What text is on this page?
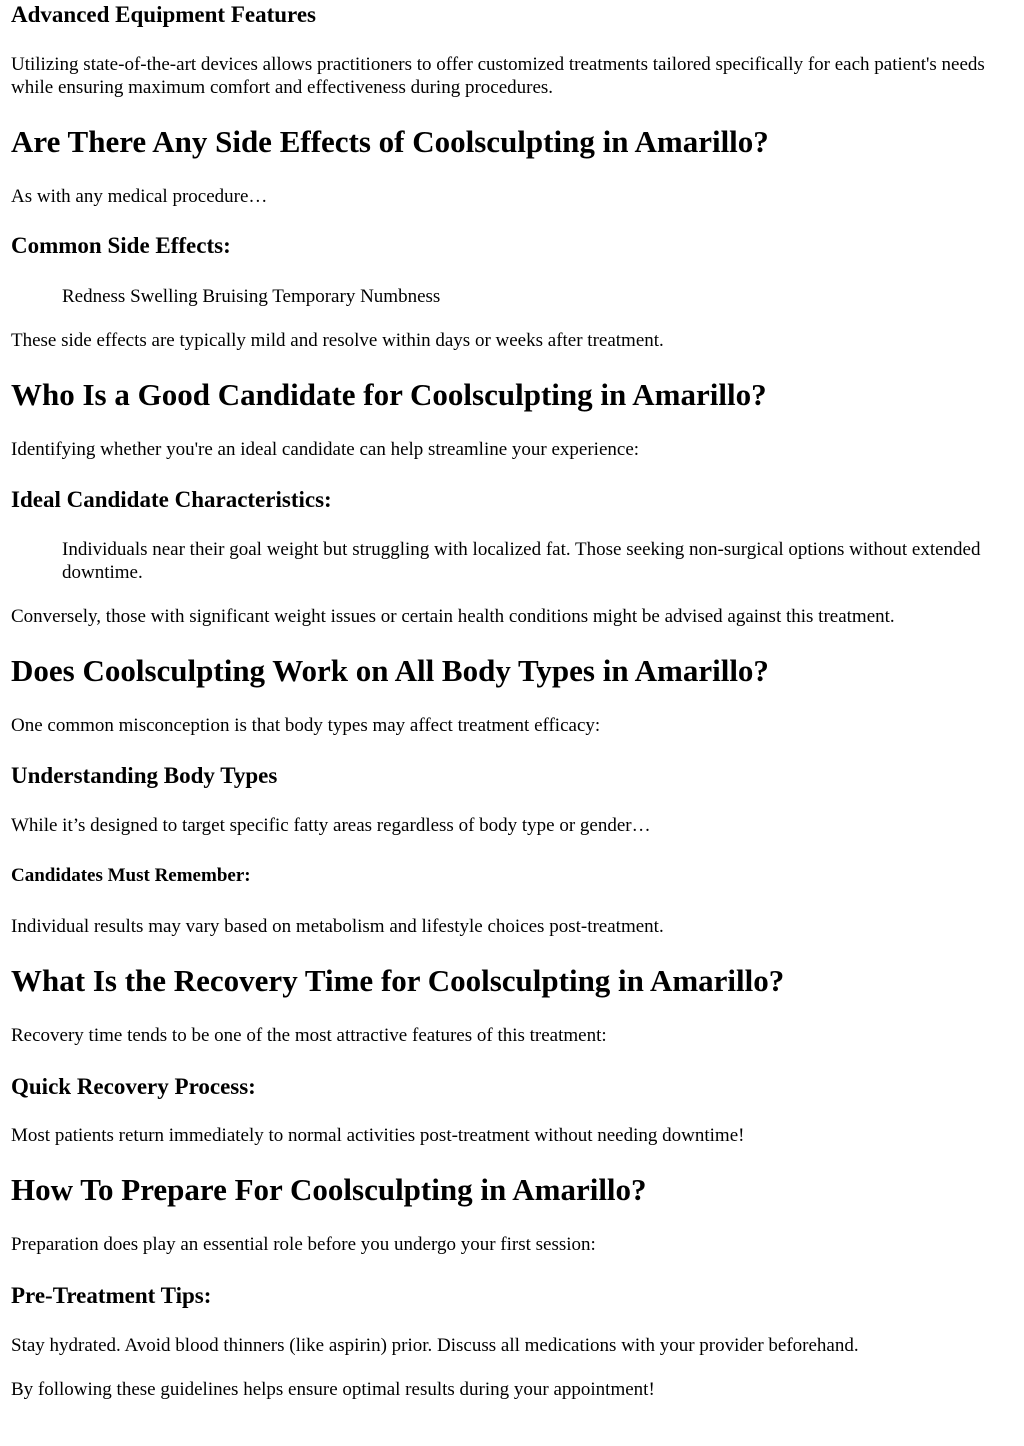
Advanced Equipment Features

Utilizing state-of-the-art devices allows practitioners to offer customized treatments tailored specifically for each patient's needs while ensuring maximum comfort and effectiveness during procedures.

Are There Any Side Effects of Coolsculpting in Amarillo?

As with any medical procedure…

Common Side Effects:
Redness Swelling Bruising Temporary Numbness

These side effects are typically mild and resolve within days or weeks after treatment.

Who Is a Good Candidate for Coolsculpting in Amarillo?

Identifying whether you're an ideal candidate can help streamline your experience:

Ideal Candidate Characteristics:
Individuals near their goal weight but struggling with localized fat. Those seeking non-surgical options without extended downtime.

Conversely, those with significant weight issues or certain health conditions might be advised against this treatment.

Does Coolsculpting Work on All Body Types in Amarillo?

One common misconception is that body types may affect treatment efficacy:

Understanding Body Types

While it’s designed to target specific fatty areas regardless of body type or gender…

Candidates Must Remember:

Individual results may vary based on metabolism and lifestyle choices post-treatment.

What Is the Recovery Time for Coolsculpting in Amarillo?

Recovery time tends to be one of the most attractive features of this treatment:

Quick Recovery Process:

Most patients return immediately to normal activities post-treatment without needing downtime!

How To Prepare For Coolsculpting in Amarillo?

Preparation does play an essential role before you undergo your first session:

Pre-Treatment Tips:

Stay hydrated. Avoid blood thinners (like aspirin) prior. Discuss all medications with your provider beforehand.

By following these guidelines helps ensure optimal results during your appointment!
